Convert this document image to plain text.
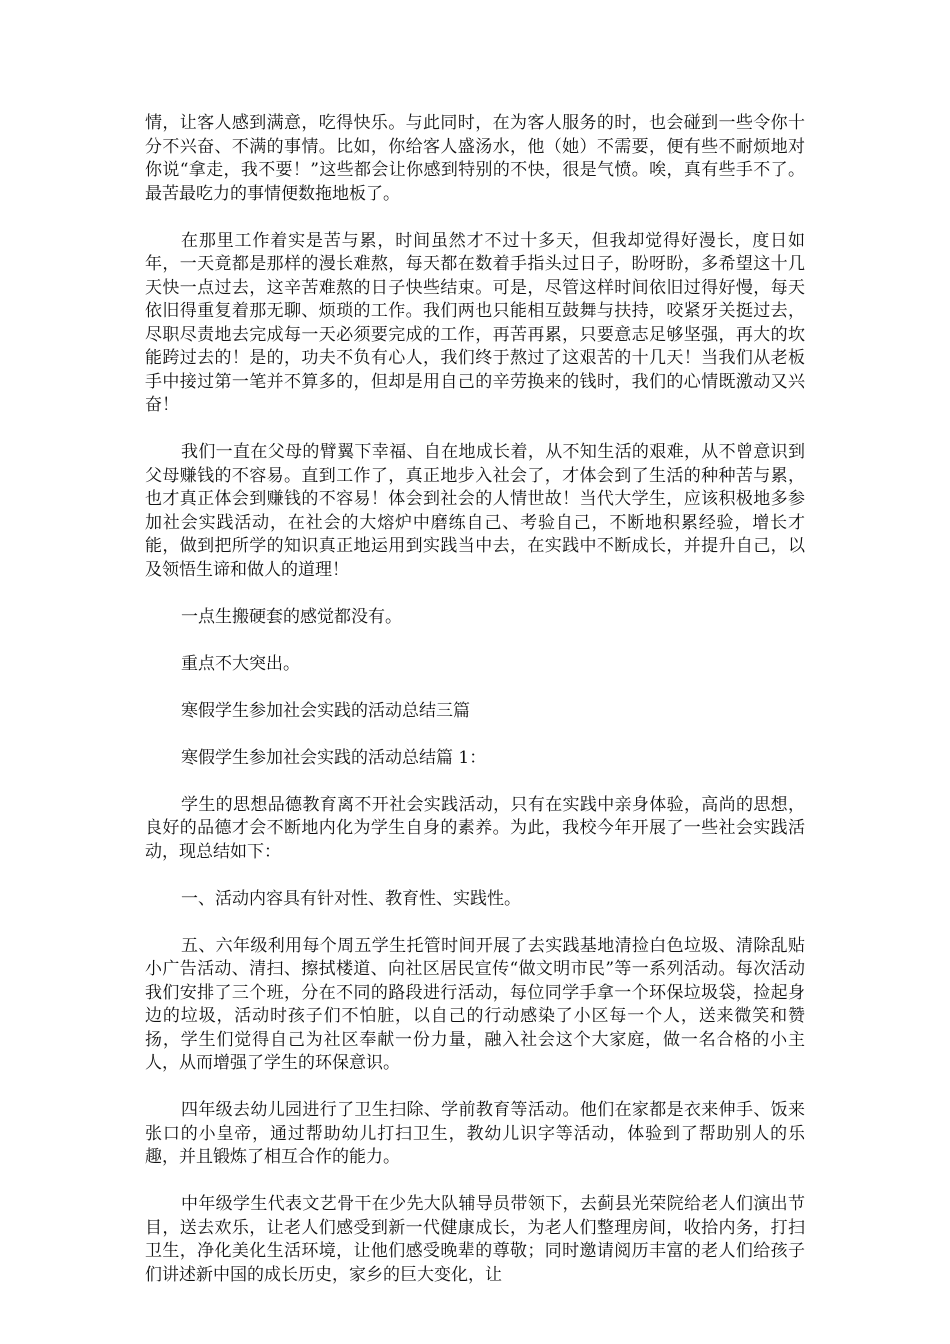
情，让客人感到满意，吃得快乐。与此同时，在为客人服务的时，也会碰到一些令你十分不兴奋、不满的事情。比如，你给客人盛汤水，他（她）不需要，便有些不耐烦地对你说“拿走，我不要！”这些都会让你感到特别的不快，很是气愤。唉，真有些手不了。最苦最吃力的事情便数拖地板了。

在那里工作着实是苦与累，时间虽然才不过十多天，但我却觉得好漫长，度日如年，一天竟都是那样的漫长难熬，每天都在数着手指头过日子，盼呀盼，多希望这十几天快一点过去，这辛苦难熬的日子快些结束。可是，尽管这样时间依旧过得好慢，每天依旧得重复着那无聊、烦琐的工作。我们两也只能相互鼓舞与扶持，咬紧牙关挺过去，尽职尽责地去完成每一天必须要完成的工作，再苦再累，只要意志足够坚强，再大的坎能跨过去的！是的，功夫不负有心人，我们终于熬过了这艰苦的十几天！当我们从老板手中接过第一笔并不算多的，但却是用自己的辛劳换来的钱时，我们的心情既激动又兴奋！

我们一直在父母的臂翼下幸福、自在地成长着，从不知生活的艰难，从不曾意识到父母赚钱的不容易。直到工作了，真正地步入社会了，才体会到了生活的种种苦与累，也才真正体会到赚钱的不容易！体会到社会的人情世故！当代大学生，应该积极地多参加社会实践活动，在社会的大熔炉中磨练自己、考验自己，不断地积累经验，增长才能，做到把所学的知识真正地运用到实践当中去，在实践中不断成长，并提升自己，以及领悟生谛和做人的道理！

一点生搬硬套的感觉都没有。

重点不大突出。

寒假学生参加社会实践的活动总结三篇

寒假学生参加社会实践的活动总结篇 1：

学生的思想品德教育离不开社会实践活动，只有在实践中亲身体验，高尚的思想，良好的品德才会不断地内化为学生自身的素养。为此，我校今年开展了一些社会实践活动，现总结如下：

一、活动内容具有针对性、教育性、实践性。

五、六年级利用每个周五学生托管时间开展了去实践基地清捡白色垃圾、清除乱贴小广告活动、清扫、擦拭楼道、向社区居民宣传“做文明市民”等一系列活动。每次活动我们安排了三个班，分在不同的路段进行活动，每位同学手拿一个环保垃圾袋，捡起身边的垃圾，活动时孩子们不怕脏，以自己的行动感染了小区每一个人，送来微笑和赞扬，学生们觉得自己为社区奉献一份力量，融入社会这个大家庭，做一名合格的小主人，从而增强了学生的环保意识。

四年级去幼儿园进行了卫生扫除、学前教育等活动。他们在家都是衣来伸手、饭来张口的小皇帝，通过帮助幼儿打扫卫生，教幼儿识字等活动，体验到了帮助别人的乐趣，并且锻炼了相互合作的能力。

中年级学生代表文艺骨干在少先大队辅导员带领下，去蓟县光荣院给老人们演出节目，送去欢乐，让老人们感受到新一代健康成长，为老人们整理房间，收拾内务，打扫卫生，净化美化生活环境，让他们感受晚辈的尊敬；同时邀请阅历丰富的老人们给孩子们讲述新中国的成长历史，家乡的巨大变化，让
